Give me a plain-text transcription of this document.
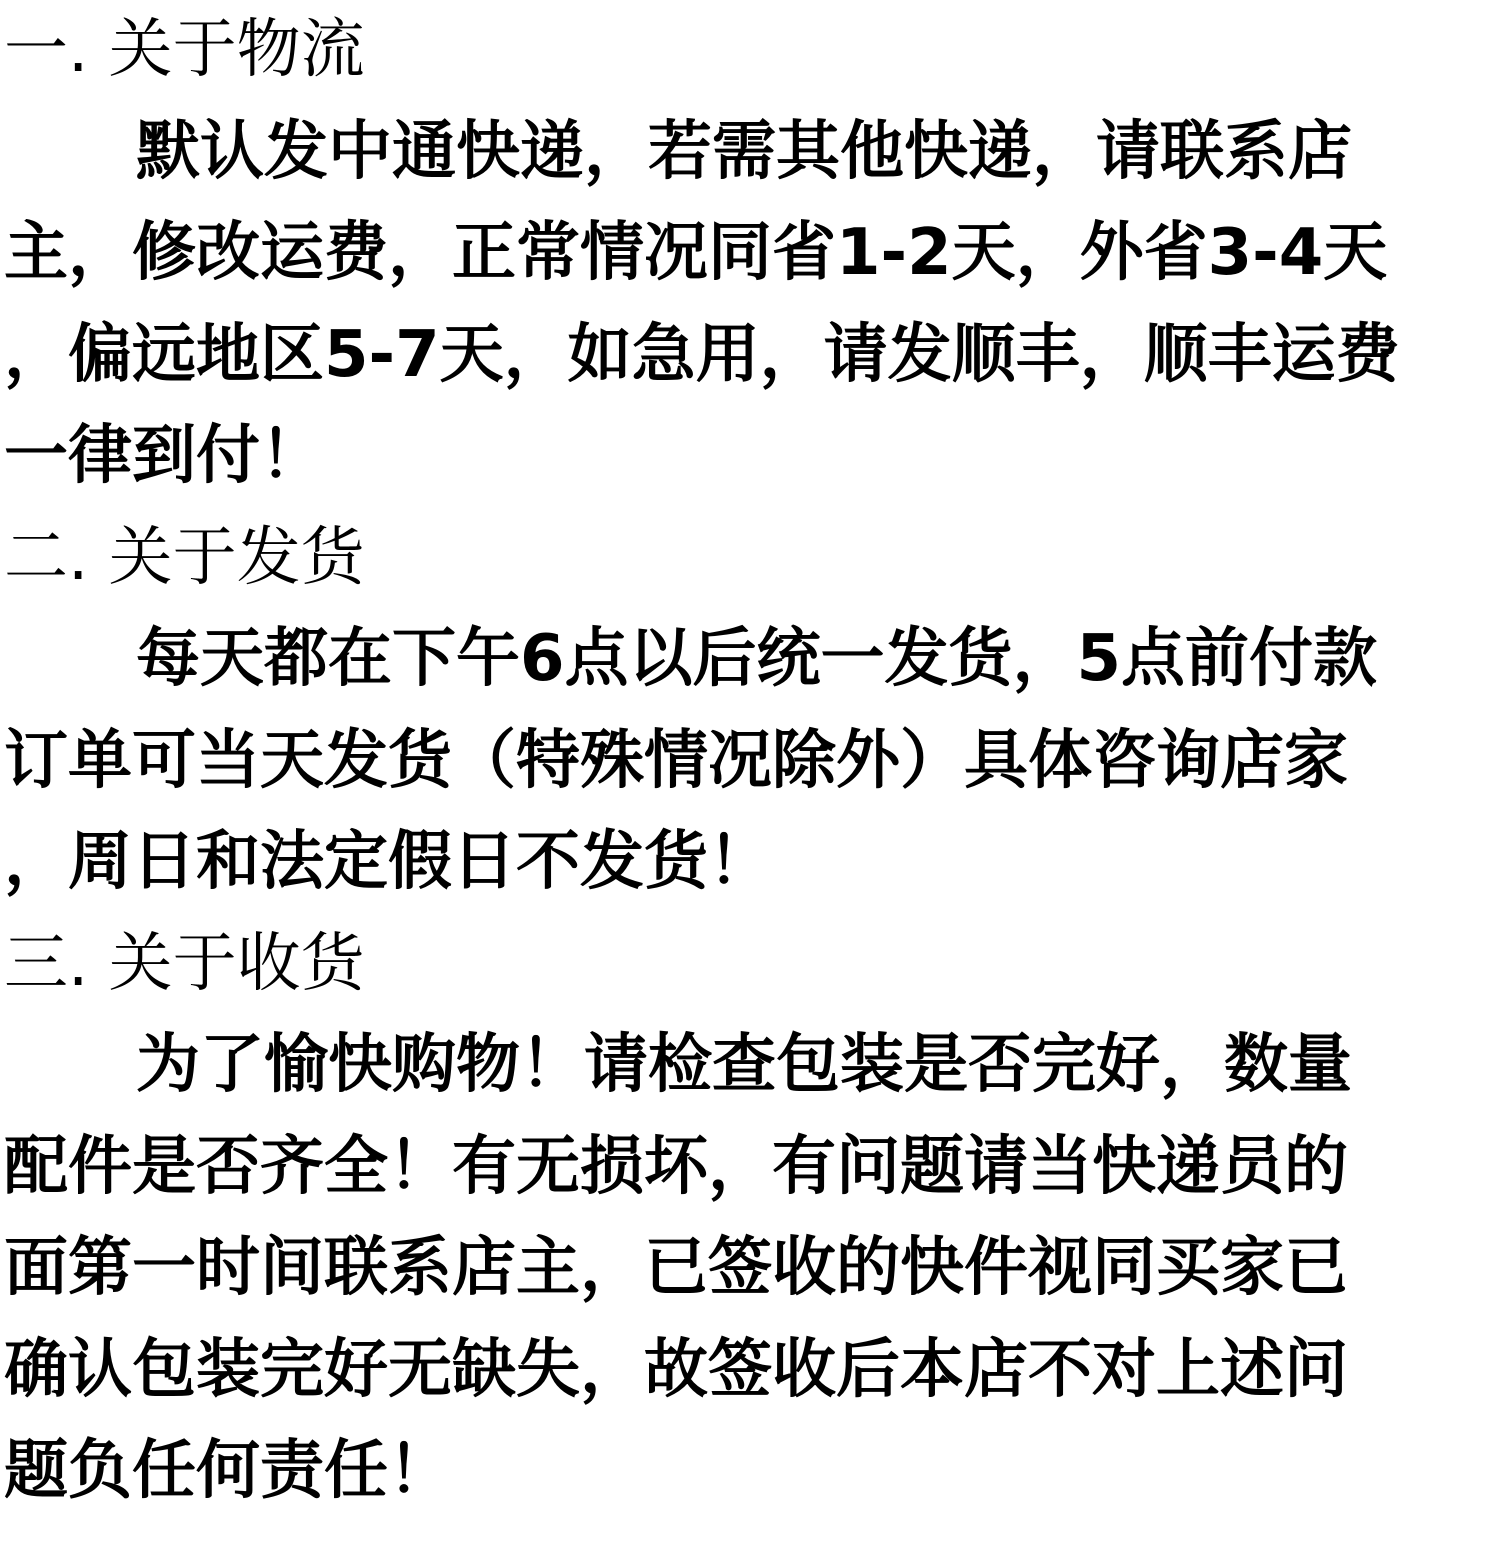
一. 关于物流
默认发中通快递，若需其他快递，请联系店
主，修改运费，正常情况同省1-2天，外省3-4天
，偏远地区5-7天，如急用，请发顺丰，顺丰运费
一律到付！
二. 关于发货
每天都在下午6点以后统一发货，5点前付款
订单可当天发货（特殊情况除外）具体咨询店家
，周日和法定假日不发货！
三. 关于收货
为了愉快购物！请检查包装是否完好，数量
配件是否齐全！有无损坏，有问题请当快递员的
面第一时间联系店主，已签收的快件视同买家已
确认包装完好无缺失，故签收后本店不对上述问
题负任何责任！
